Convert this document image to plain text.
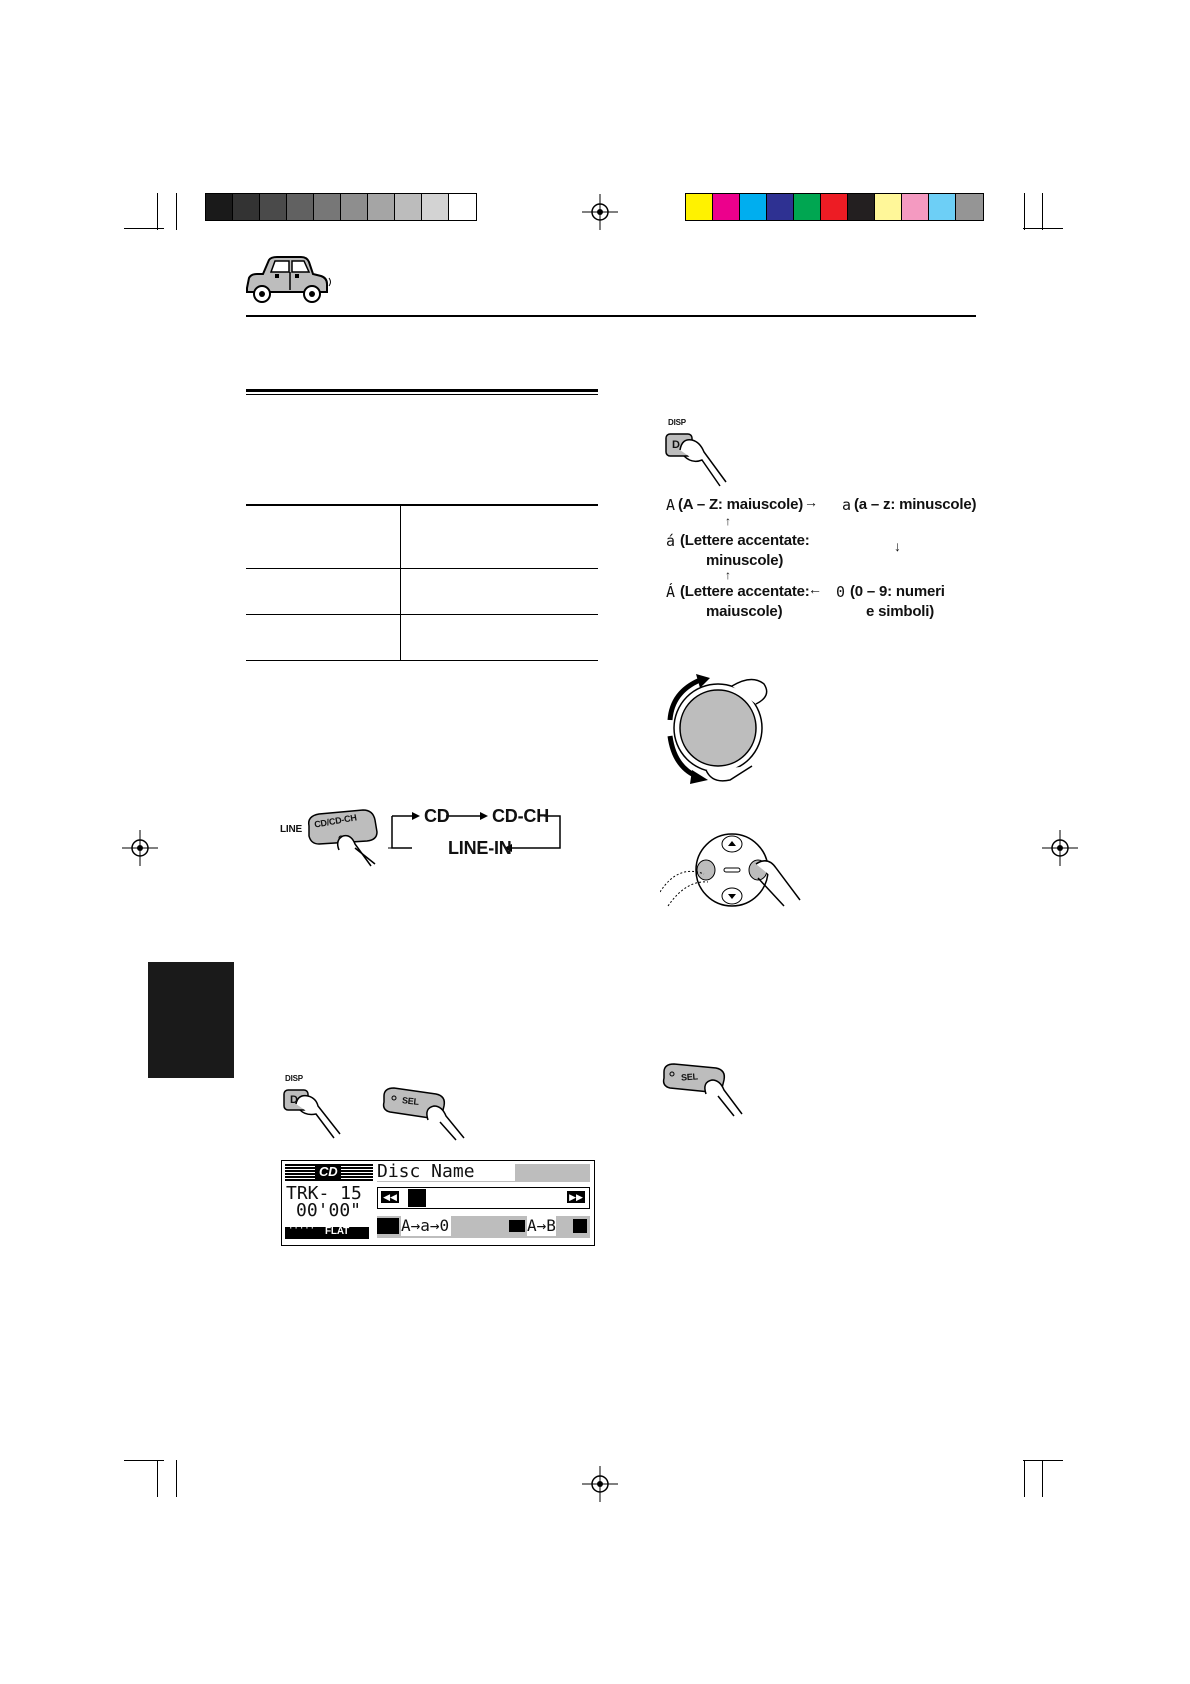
LINE CD/CD-CH	CD CD-CH
LINE-IN
DISP
D	SEL
CD Disc Name
TRK- 15
00'00"
····· FLAT
◀◀	▶▶
A→a→0	A→B
DISP
D
A (A – Z: maiuscole) → a (a – z: minuscole)
↑
á (Lettere accentate:
minuscole)
↓
↑
Á (Lettere accentate:
maiuscole)
← 0 (0 – 9: numeri
e simboli)
SEL
